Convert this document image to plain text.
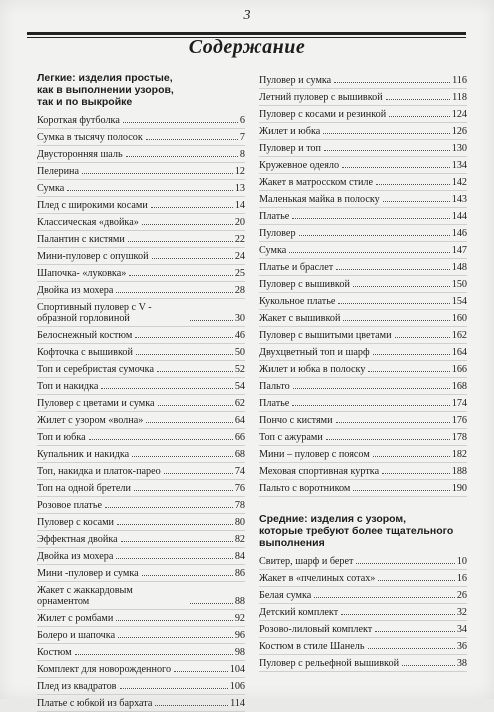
3
Содержание
Легкие: изделия простые,
как в выполнении узоров,
так и по выкройке
Короткая футболка	6
Сумка в тысячу полосок	7
Двусторонняя шаль	8
Пелерина	12
Сумка	13
Плед с широкими косами	14
Классическая «двойка»	20
Палантин с кистями	22
Мини-пуловер с опушкой	24
Шапочка- «луковка»	25
Двойка из мохера	28
Спортивный пуловер с V - образной горловиной	30
Белоснежный костюм	46
Кофточка с вышивкой	50
Топ и серебристая сумочка	52
Топ и накидка	54
Пуловер с цветами и сумка	62
Жилет с узором «волна»	64
Топ и юбка	66
Купальник и накидка	68
Топ, накидка и платок-парео	74
Топ на одной бретели	76
Розовое платье	78
Пуловер с косами	80
Эффектная двойка	82
Двойка из мохера	84
Мини -пуловер и сумка	86
Жакет с жаккардовым орнаментом	88
Жилет с ромбами	92
Болеро и шапочка	96
Костюм	98
Комплект для новорожденного	104
Плед из квадратов	106
Платье с юбкой из бархата	114
Пуловер и сумка	116
Летний пуловер с вышивкой	118
Пуловер с косами и резинкой	124
Жилет и юбка	126
Пуловер и топ	130
Кружевное одеяло	134
Жакет в матросском стиле	142
Маленькая майка в полоску	143
Платье	144
Пуловер	146
Сумка	147
Платье и браслет	148
Пуловер с вышивкой	150
Кукольное платье	154
Жакет с вышивкой	160
Пуловер с вышитыми цветами	162
Двухцветный топ и шарф	164
Жилет и юбка в полоску	166
Пальто	168
Платье	174
Пончо с кистями	176
Топ с ажурами	178
Мини – пуловер с поясом	182
Меховая спортивная куртка	188
Пальто с воротником	190
Средние: изделия с узором,
которые требуют более тщательного
выполнения
Свитер, шарф и берет	10
Жакет в «пчелиных сотах»	16
Белая сумка	26
Детский комплект	32
Розово-лиловый комплект	34
Костюм в стиле Шанель	36
Пуловер с рельефной вышивкой	38
